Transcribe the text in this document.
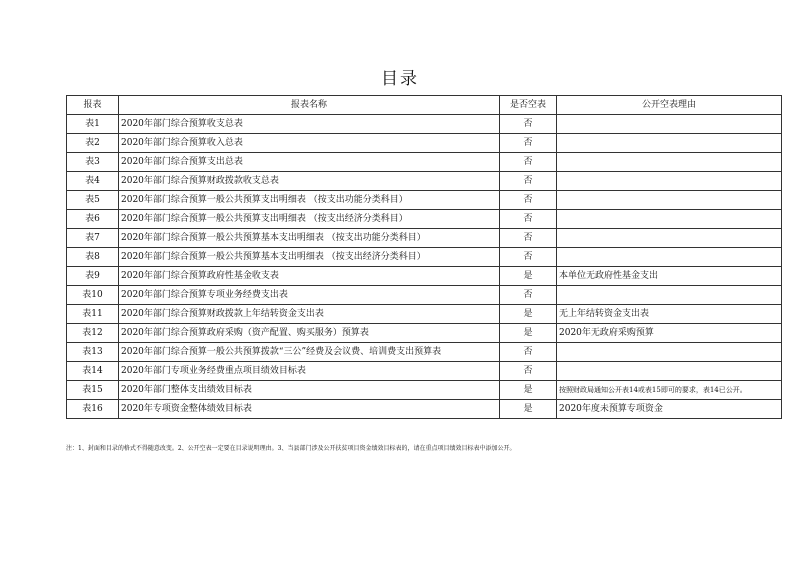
目录
报表	报表名称	是否空表	公开空表理由
表1	2020年部门综合预算收支总表	否	
表2	2020年部门综合预算收入总表	否	
表3	2020年部门综合预算支出总表	否	
表4	2020年部门综合预算财政拨款收支总表	否	
表5	2020年部门综合预算一般公共预算支出明细表 （按支出功能分类科目）	否	
表6	2020年部门综合预算一般公共预算支出明细表 （按支出经济分类科目）	否	
表7	2020年部门综合预算一般公共预算基本支出明细表 （按支出功能分类科目）	否	
表8	2020年部门综合预算一般公共预算基本支出明细表 （按支出经济分类科目）	否	
表9	2020年部门综合预算政府性基金收支表	是	本单位无政府性基金支出
表10	2020年部门综合预算专项业务经费支出表	否	
表11	2020年部门综合预算财政拨款上年结转资金支出表	是	无上年结转资金支出表
表12	2020年部门综合预算政府采购（资产配置、购买服务）预算表	是	2020年无政府采购预算
表13	2020年部门综合预算一般公共预算拨款“三公”经费及会议费、培训费支出预算表	否	
表14	2020年部门专项业务经费重点项目绩效目标表	否	
表15	2020年部门整体支出绩效目标表	是	按照财政局通知公开表14或表15即可的要求，表14已公开。
表16	2020年专项资金整体绩效目标表	是	2020年度未预算专项资金
注：1、封面和目录的格式不得随意改变。2、公开空表一定要在目录说明理由。3、当县部门涉及公开扶贫项目资金绩效目标表的，请在重点项目绩效目标表中添加公开。
